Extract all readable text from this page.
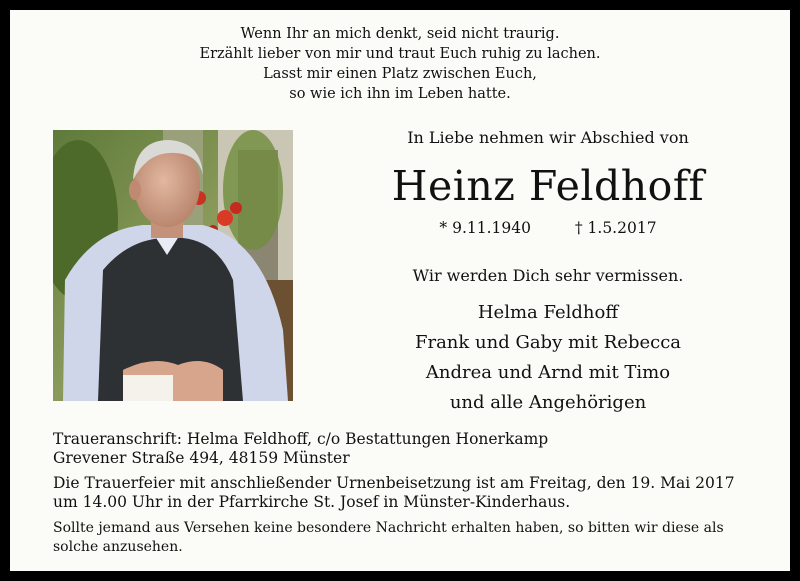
Wenn Ihr an mich denkt, seid nicht traurig.
Erzählt lieber von mir und traut Euch ruhig zu lachen.
Lasst mir einen Platz zwischen Euch,
so wie ich ihn im Leben hatte.
In Liebe nehmen wir Abschied von
Heinz Feldhoff
* 9.11.1940	† 1.5.2017
Wir werden Dich sehr vermissen.
Helma Feldhoff
Frank und Gaby mit Rebecca
Andrea und Arnd mit Timo
und alle Angehörigen

Traueranschrift: Helma Feldhoff, c/o Bestattungen Honerkamp

Grevener Straße 494, 48159 Münster

Die Trauerfeier mit anschließender Urnenbeisetzung ist am Freitag, den 19. Mai 2017

um 14.00 Uhr in der Pfarrkirche St. Josef in Münster-Kinderhaus.

Sollte jemand aus Versehen keine besondere Nachricht erhalten haben, so bitten wir diese als

solche anzusehen.
